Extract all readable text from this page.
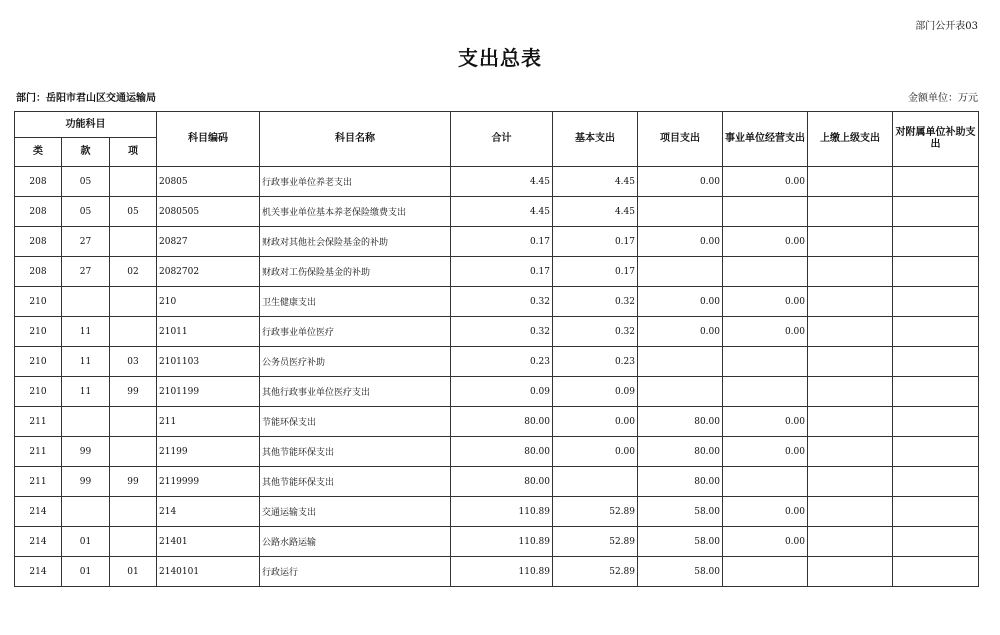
部门公开表03
支出总表
部门：岳阳市君山区交通运输局	金额单位：万元
功能科目			科目编码	科目名称	合计	基本支出	项目支出	事业单位经营支出	上缴上级支出	对附属单位补助支出
类	款	项								
208	05		20805	行政事业单位养老支出	4.45	4.45	0.00	0.00		
208	05	05	2080505	机关事业单位基本养老保险缴费支出	4.45	4.45				
208	27		20827	财政对其他社会保险基金的补助	0.17	0.17	0.00	0.00		
208	27	02	2082702	财政对工伤保险基金的补助	0.17	0.17				
210			210	卫生健康支出	0.32	0.32	0.00	0.00		
210	11		21011	行政事业单位医疗	0.32	0.32	0.00	0.00		
210	11	03	2101103	公务员医疗补助	0.23	0.23				
210	11	99	2101199	其他行政事业单位医疗支出	0.09	0.09				
211			211	节能环保支出	80.00	0.00	80.00	0.00		
211	99		21199	其他节能环保支出	80.00	0.00	80.00	0.00		
211	99	99	2119999	其他节能环保支出	80.00		80.00			
214			214	交通运输支出	110.89	52.89	58.00	0.00		
214	01		21401	公路水路运输	110.89	52.89	58.00	0.00		
214	01	01	2140101	行政运行	110.89	52.89	58.00			
